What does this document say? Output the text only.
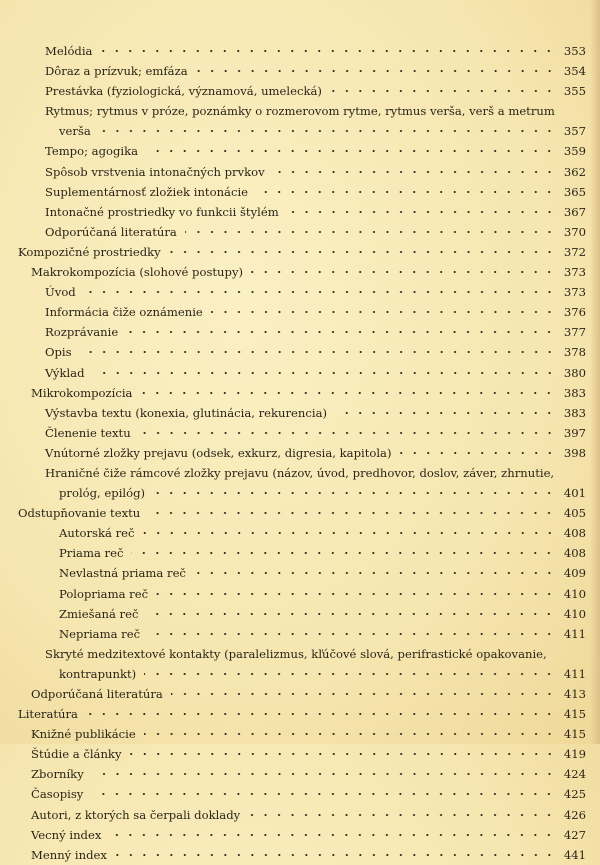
Melódia	353
Dôraz a prízvuk; emfáza	354
Prestávka (fyziologická, významová, umelecká)	355
Rytmus; rytmus v próze, poznámky o rozmerovom rytme, rytmus verša, verš a metrum
verša	357
Tempo; agogika	359
Spôsob vrstvenia intonačných prvkov	362
Suplementárnosť zložiek intonácie	365
Intonačné prostriedky vo funkcii štylém	367
Odporúčaná literatúra	370
Kompozičné prostriedky	372
Makrokompozícia (slohové postupy)	373
Úvod	373
Informácia čiže oznámenie	376
Rozprávanie	377
Opis	378
Výklad	380
Mikrokompozícia	383
Výstavba textu (konexia, glutinácia, rekurencia)	383
Členenie textu	397
Vnútorné zložky prejavu (odsek, exkurz, digresia, kapitola)	398
Hraničné čiže rámcové zložky prejavu (názov, úvod, predhovor, doslov, záver, zhrnutie,
prológ, epilóg)	401
Odstupňovanie textu	405
Autorská reč	408
Priama reč	408
Nevlastná priama reč	409
Polopriama reč	410
Zmiešaná reč	410
Nepriama reč	411
Skryté medzitextové kontakty (paralelizmus, kľúčové slová, perifrastické opakovanie,
kontrapunkt)	411
Odporúčaná literatúra	413
Literatúra	415
Knižné publikácie	415
Štúdie a články	419
Zborníky	424
Časopisy	425
Autori, z ktorých sa čerpali doklady	426
Vecný index	427
Menný index	441
